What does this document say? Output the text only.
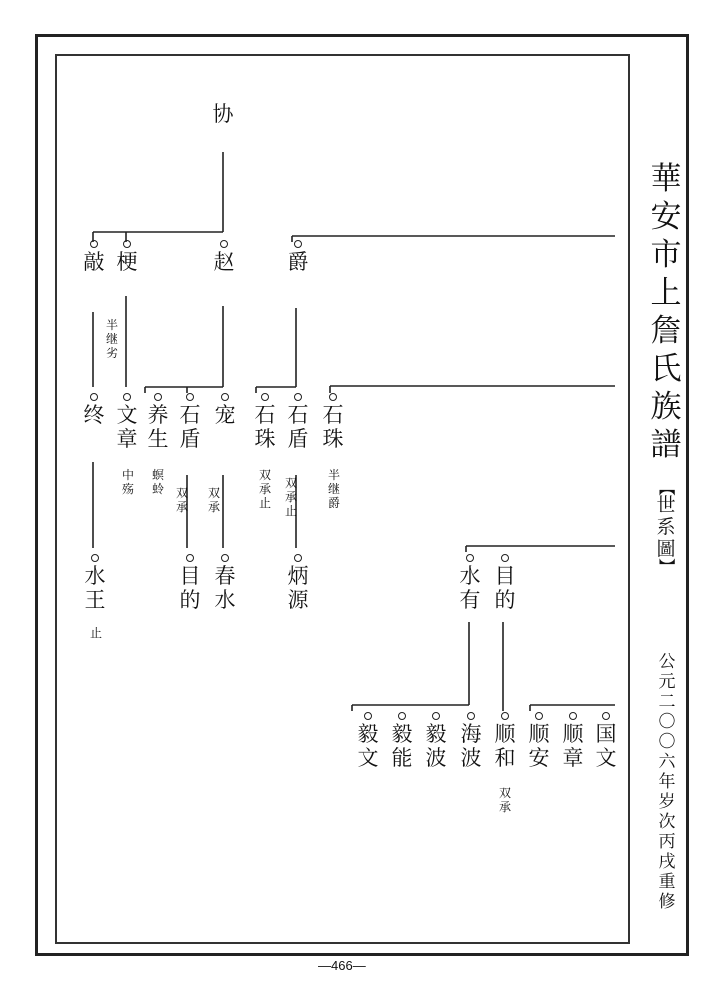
协
敲 梗	赵	爵
半继劣
终 文章
养生
石盾
宠 石珠
石盾
石珠
中殇
螟蛉 双承
双承
双承止
双承止
半继爵
水王
止
目的
春水
炳源
水有
目的
毅文
毅能
毅波
海波
顺和
双承
顺安
顺章
国文
華安市上詹氏族譜
【
世系圖
】
公元二〇〇六年岁次丙戌重修
—466—
